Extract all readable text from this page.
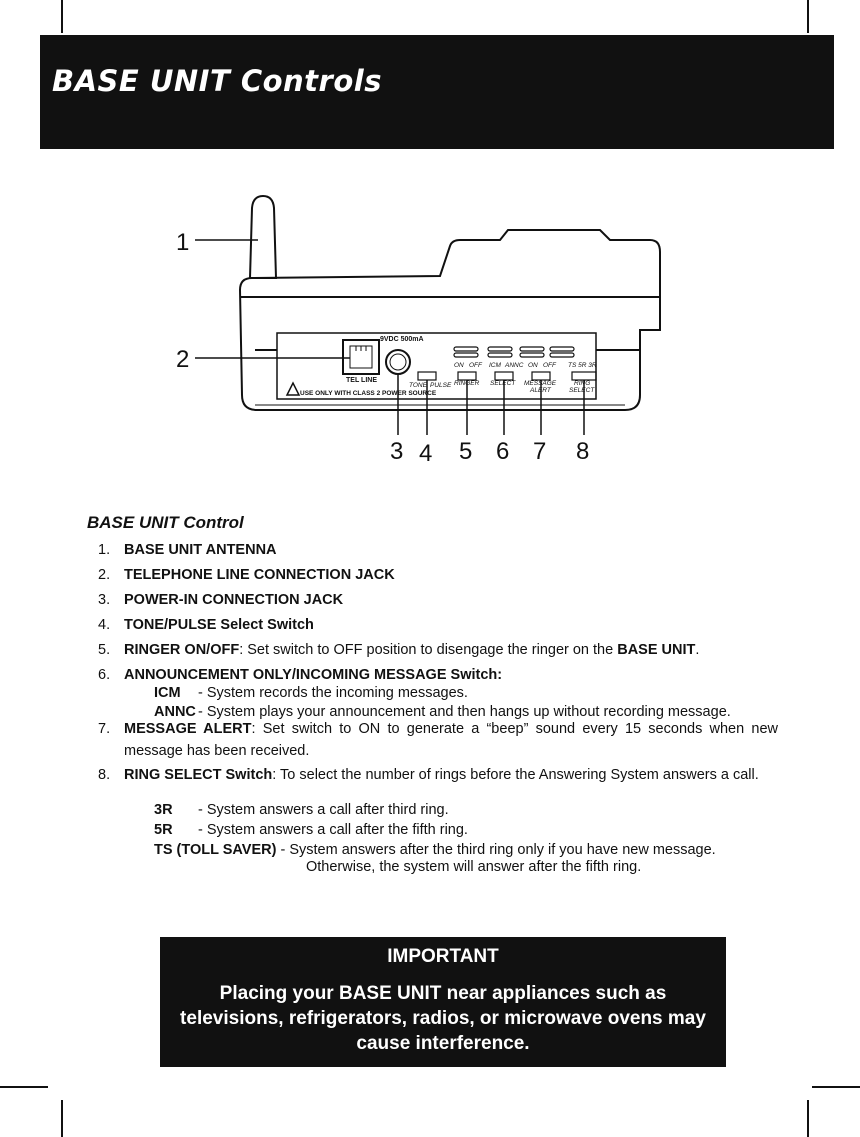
BASE UNIT Controls
1
2
3 4 5 6 7 8
9VDC 500mA
TEL LINE
USE ONLY WITH CLASS 2 POWER SOURCE
TONE PULSE
ON OFF
RINGER
ICM ANNC
SELECT
ON OFF
MESSAGE
ALERT
TS 5R 3R
RING
SELECT
BASE UNIT Control
1. BASE UNIT ANTENNA
2. TELEPHONE LINE CONNECTION JACK
3. POWER-IN CONNECTION JACK
4. TONE/PULSE Select Switch
5. RINGER ON/OFF: Set switch to OFF position to disengage the ringer on the BASE UNIT.
6. ANNOUNCEMENT ONLY/INCOMING MESSAGE Switch:
ICM - System records the incoming messages.
ANNC - System plays your announcement and then hangs up without recording message.
7. MESSAGE ALERT: Set switch to ON to generate a “beep” sound every 15 seconds when new message has been received.
8. RING SELECT Switch: To select the number of rings before the Answering System answers a call.
3R - System answers a call after third ring.
5R - System answers a call after the fifth ring.
TS (TOLL SAVER) - System answers after the third ring only if you have new message.
Otherwise, the system will answer after the fifth ring.
IMPORTANT
Placing your BASE UNIT near appliances such as televisions, refrigerators, radios, or microwave ovens may cause interference.
